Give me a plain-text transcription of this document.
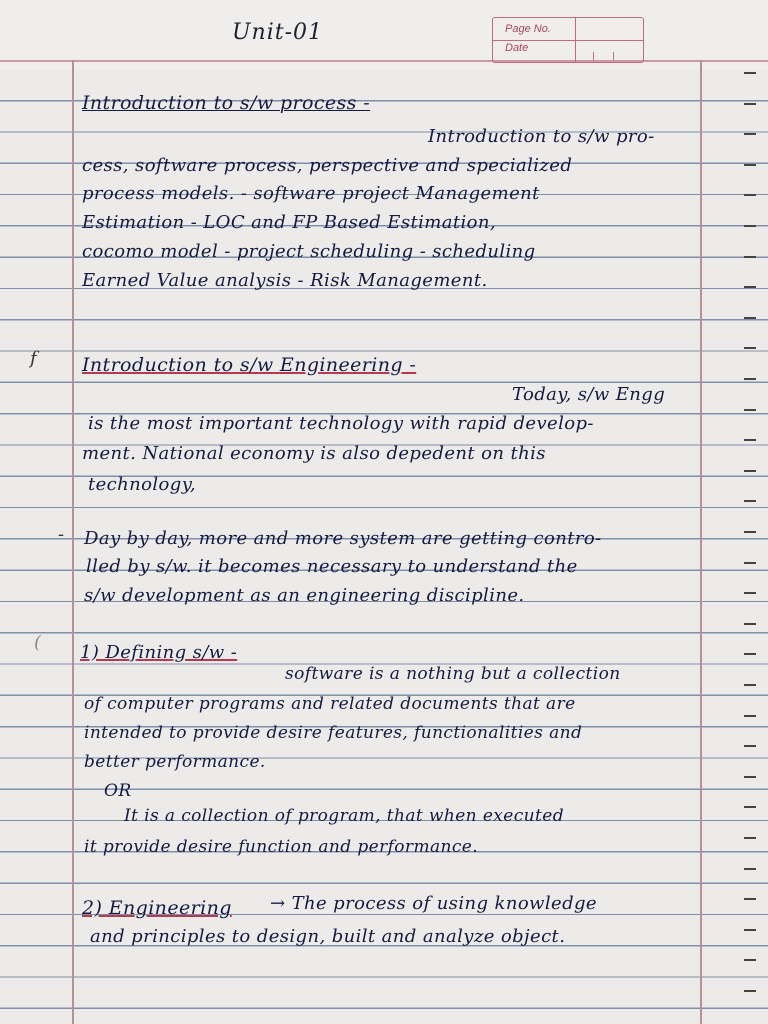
Unit-01	Page No.
Date
Introduction to s/w process -
Introduction to s/w pro-
cess, software process, perspective and specialized
process models. - software project Management
Estimation - LOC and FP Based Estimation,
cocomo model - project scheduling - scheduling
Earned Value analysis - Risk Management.
f Introduction to s/w Engineering -
Today, s/w Engg
is the most important technology with rapid develop-
ment. National economy is also depedent on this
technology,
- Day by day, more and more system are getting contro-
lled by s/w. it becomes necessary to understand the
s/w development as an engineering discipline.
( 1) Defining s/w -
software is a nothing but a collection
of computer programs and related documents that are
intended to provide desire features, functionalities and
better performance.
OR
It is a collection of program, that when executed
it provide desire function and performance.
2) Engineering → The process of using knowledge
and principles to design, built and analyze object.
